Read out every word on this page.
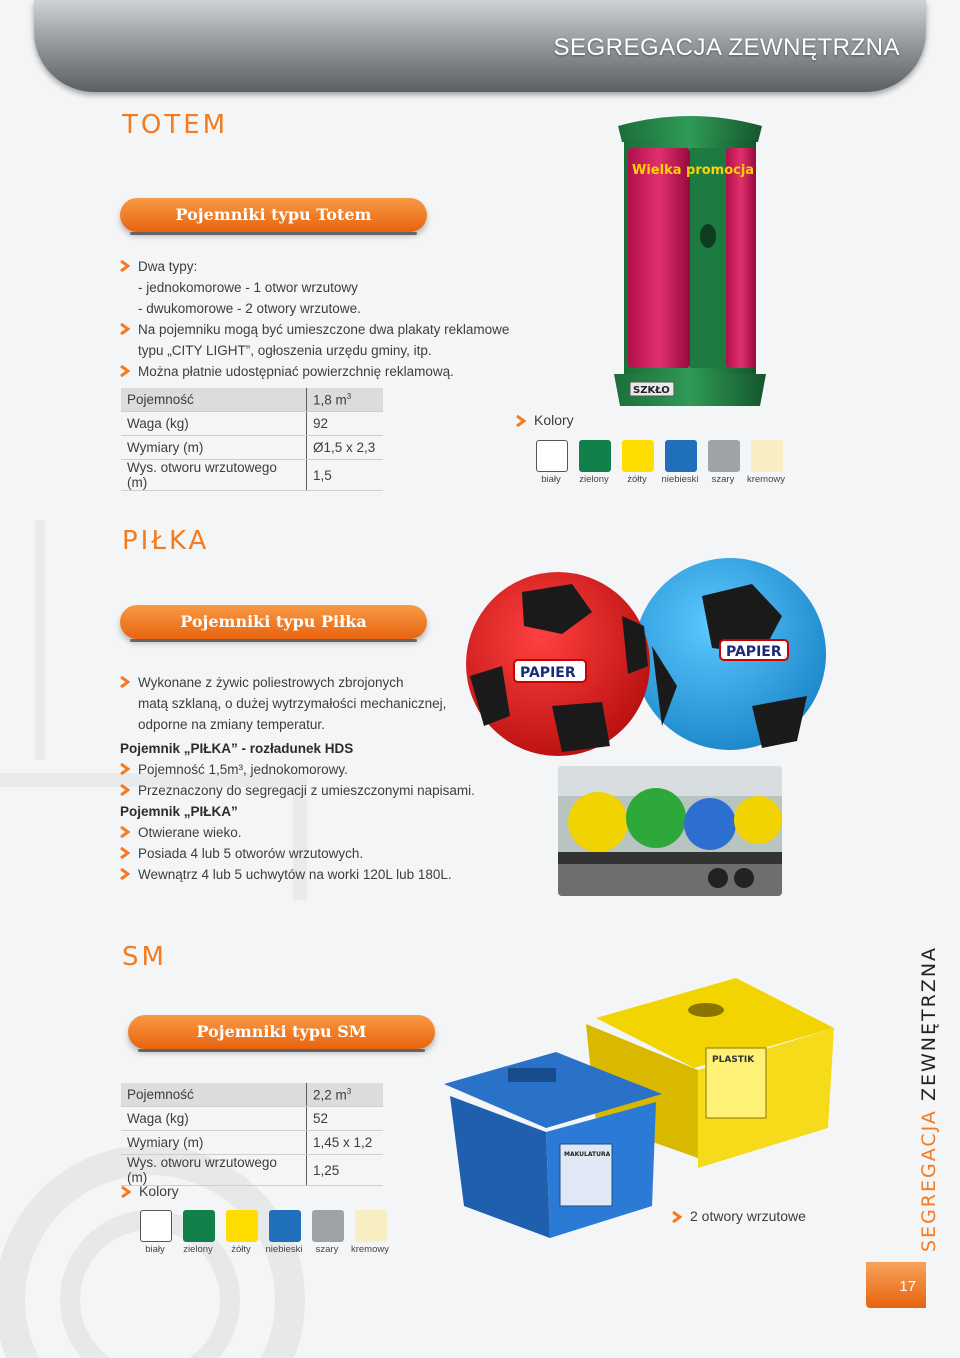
SEGREGACJA ZEWNĘTRZNA
TOTEM
Pojemniki typu Totem
Dwa typy:
- jednokomorowe - 1 otwor wrzutowy
- dwukomorowe - 2 otwory wrzutowe.
Na pojemniku mogą być umieszczone dwa plakaty reklamowe
typu „CITY LIGHT”, ogłoszenia urzędu gminy, itp.
Można płatnie udostępniać powierzchnię reklamową.
Pojemność	1,8 $m^3$
Waga (kg)	92
Wymiary (m)	Ø1,5 x 2,3
Wys. otworu wrzutowego (m)	1,5
Kolory
biały	zielony	żółty	niebieski	szary	kremowy
SZKŁO
Wielka promocja
PIŁKA
Pojemniki typu Piłka
Wykonane z żywic poliestrowych zbrojonych
matą szklaną, o dużej wytrzymałości mechanicznej,
odporne na zmiany temperatur.
Pojemnik „PIŁKA” - rozładunek HDS
Pojemność 1,5m³, jednokomorowy.
Przeznaczony do segregacji z umieszczonymi napisami.
Pojemnik „PIŁKA”
Otwierane wieko.
Posiada 4 lub 5 otworów wrzutowych.
Wewnątrz 4 lub 5 uchwytów na worki 120L lub 180L.
PAPIER
PAPIER
SM
Pojemniki typu SM
Pojemność	2,2 $m^3$
Waga (kg)	52
Wymiary (m)	1,45 x 1,2
Wys. otworu wrzutowego (m)	1,25
Kolory
biały	zielony	żółty	niebieski	szary	kremowy
PLASTIK
MAKULATURA
2 otwory wrzutowe	SEGREGACJA ZEWNĘTRZNA
17
